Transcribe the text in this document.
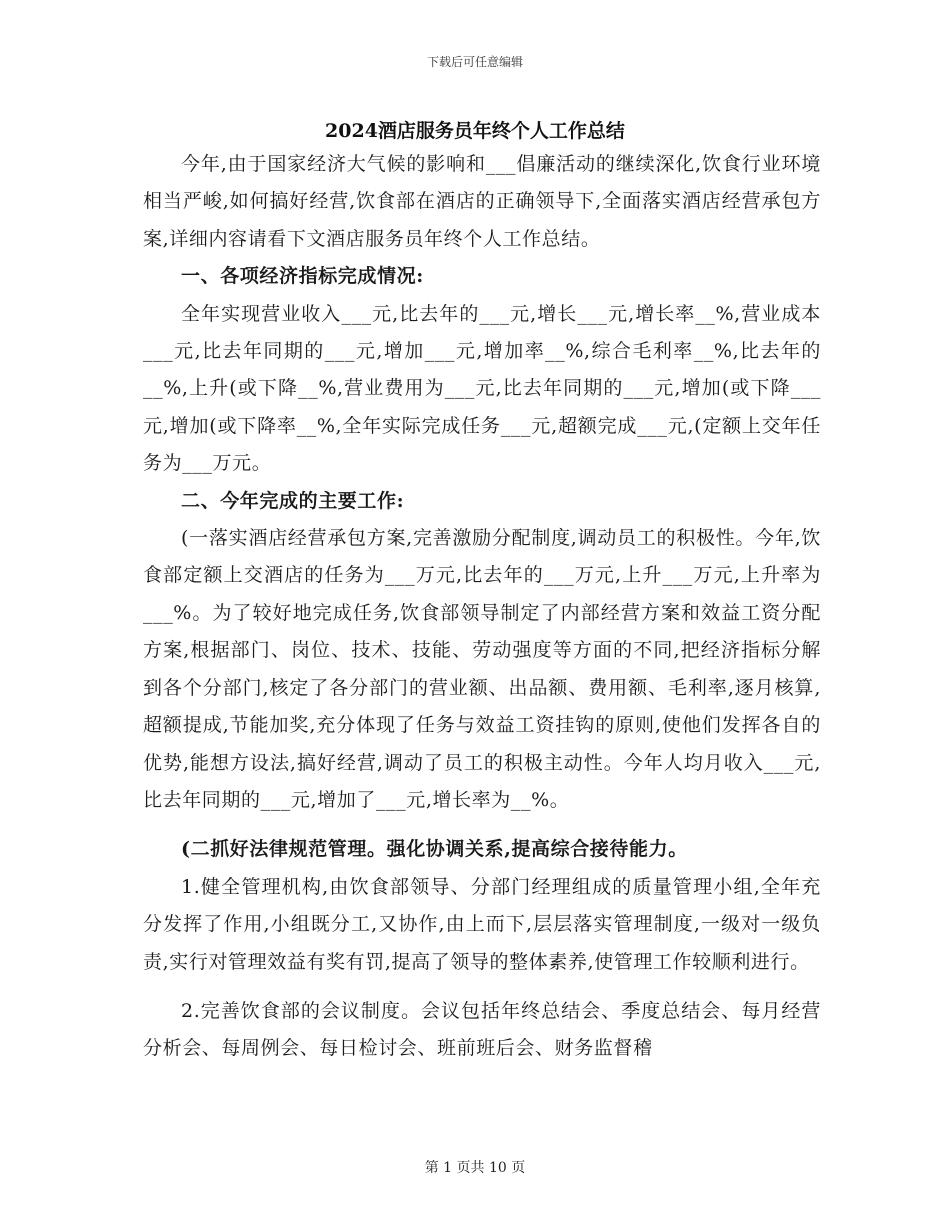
下载后可任意编辑
2024酒店服务员年终个人工作总结

今年,由于国家经济大气候的影响和___倡廉活动的继续深化,饮食行业环境相当严峻,如何搞好经营,饮食部在酒店的正确领导下,全面落实酒店经营承包方案,详细内容请看下文酒店服务员年终个人工作总结。

一、各项经济指标完成情况:

全年实现营业收入___元,比去年的___元,增长___元,增长率__%,营业成本___元,比去年同期的___元,增加___元,增加率__%,综合毛利率__%,比去年的__%,上升(或下降__%,营业费用为___元,比去年同期的___元,增加(或下降___元,增加(或下降率__%,全年实际完成任务___元,超额完成___元,(定额上交年任务为___万元。

二、今年完成的主要工作:

(一落实酒店经营承包方案,完善激励分配制度,调动员工的积极性。今年,饮食部定额上交酒店的任务为___万元,比去年的___万元,上升___万元,上升率为___%。为了较好地完成任务,饮食部领导制定了内部经营方案和效益工资分配方案,根据部门、岗位、技术、技能、劳动强度等方面的不同,把经济指标分解到各个分部门,核定了各分部门的营业额、出品额、费用额、毛利率,逐月核算,超额提成,节能加奖,充分体现了任务与效益工资挂钩的原则,使他们发挥各自的优势,能想方设法,搞好经营,调动了员工的积极主动性。今年人均月收入___元,比去年同期的___元,增加了___元,增长率为__%。

(二抓好法律规范管理。强化协调关系,提高综合接待能力。

1.健全管理机构,由饮食部领导、分部门经理组成的质量管理小组,全年充分发挥了作用,小组既分工,又协作,由上而下,层层落实管理制度,一级对一级负责,实行对管理效益有奖有罚,提高了领导的整体素养,使管理工作较顺利进行。

2.完善饮食部的会议制度。会议包括年终总结会、季度总结会、每月经营分析会、每周例会、每日检讨会、班前班后会、财务监督稽

第 1 页共 10 页
